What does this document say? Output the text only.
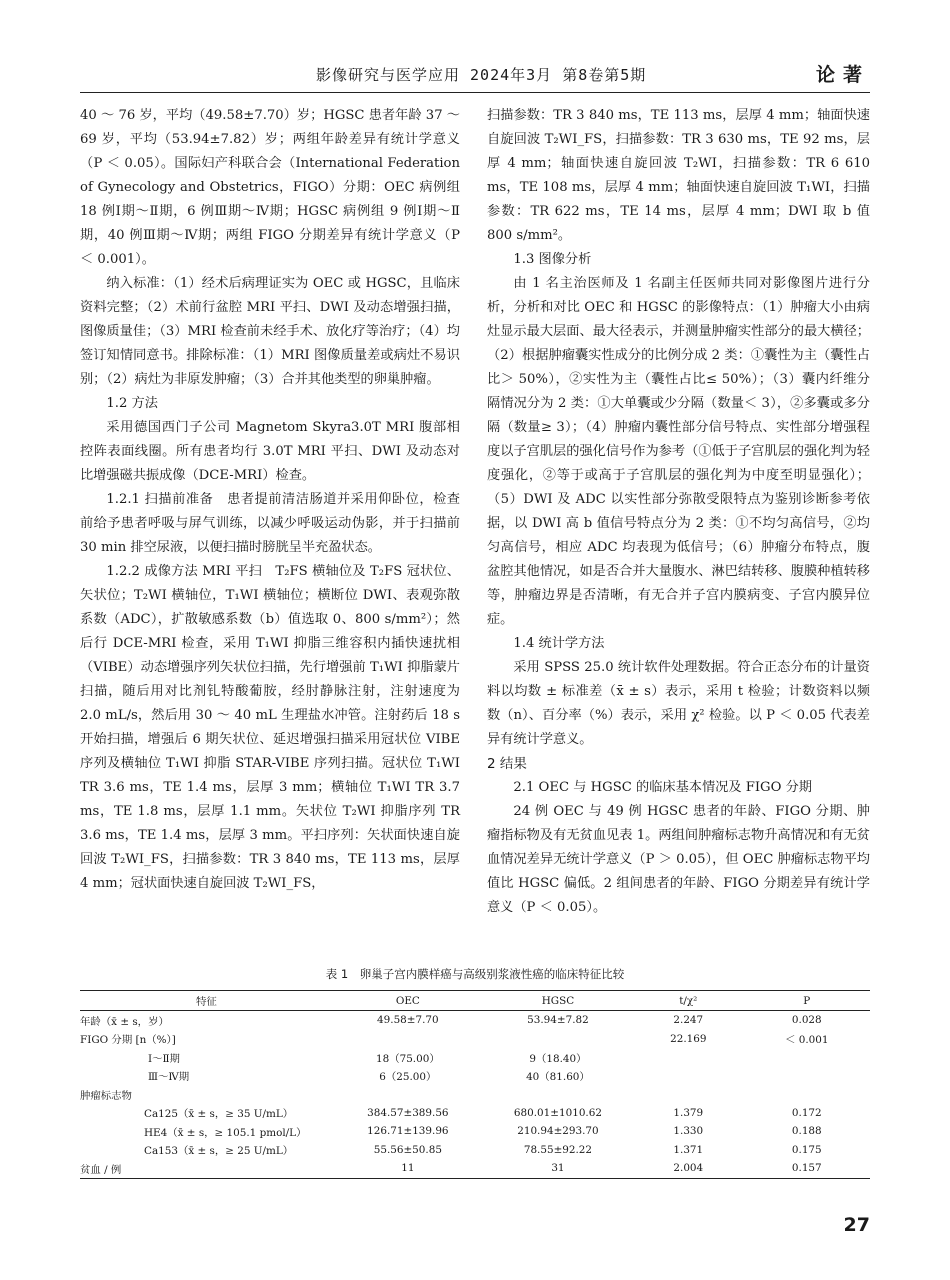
影像研究与医学应用 2024年3月 第8卷第5期	论著

40 ～ 76 岁，平均（49.58±7.70）岁；HGSC 患者年龄 37 ～ 69 岁，平均（53.94±7.82）岁；两组年龄差异有统计学意义（P ＜ 0.05）。国际妇产科联合会（International Federation of Gynecology and Obstetrics，FIGO）分期：OEC 病例组 18 例Ⅰ期～Ⅱ期，6 例Ⅲ期～Ⅳ期；HGSC 病例组 9 例Ⅰ期～Ⅱ期，40 例Ⅲ期～Ⅳ期；两组 FIGO 分期差异有统计学意义（P ＜ 0.001）。

纳入标准：（1）经术后病理证实为 OEC 或 HGSC，且临床资料完整；（2）术前行盆腔 MRI 平扫、DWI 及动态增强扫描，图像质量佳；（3）MRI 检查前未经手术、放化疗等治疗；（4）均签订知情同意书。排除标准：（1）MRI 图像质量差或病灶不易识别；（2）病灶为非原发肿瘤；（3）合并其他类型的卵巢肿瘤。

1.2 方法

采用德国西门子公司 Magnetom Skyra3.0T MRI 腹部相控阵表面线圈。所有患者均行 3.0T MRI 平扫、DWI 及动态对比增强磁共振成像（DCE-MRI）检查。

1.2.1 扫描前准备　患者提前清洁肠道并采用仰卧位，检查前给予患者呼吸与屏气训练，以减少呼吸运动伪影，并于扫描前 30 min 排空尿液，以便扫描时膀胱呈半充盈状态。

1.2.2 成像方法 MRI 平扫　T₂FS 横轴位及 T₂FS 冠状位、矢状位；T₂WI 横轴位，T₁WI 横轴位；横断位 DWI、表观弥散系数（ADC），扩散敏感系数（b）值选取 0、800 s/mm²）；然后行 DCE-MRI 检查，采用 T₁WI 抑脂三维容积内插快速扰相（VIBE）动态增强序列矢状位扫描，先行增强前 T₁WI 抑脂蒙片扫描，随后用对比剂钆特酸葡胺，经肘静脉注射，注射速度为 2.0 mL/s，然后用 30 ～ 40 mL 生理盐水冲管。注射药后 18 s 开始扫描，增强后 6 期矢状位、延迟增强扫描采用冠状位 VIBE 序列及横轴位 T₁WI 抑脂 STAR-VIBE 序列扫描。冠状位 T₁WI TR 3.6 ms，TE 1.4 ms，层厚 3 mm；横轴位 T₁WI TR 3.7 ms，TE 1.8 ms，层厚 1.1 mm。矢状位 T₂WI 抑脂序列 TR 3.6 ms，TE 1.4 ms，层厚 3 mm。平扫序列：矢状面快速自旋回波 T₂WI_FS，扫描参数：TR 3 840 ms，TE 113 ms，层厚 4 mm；冠状面快速自旋回波 T₂WI_FS，

扫描参数：TR 3 840 ms，TE 113 ms，层厚 4 mm；轴面快速自旋回波 T₂WI_FS，扫描参数：TR 3 630 ms，TE 92 ms，层厚 4 mm；轴面快速自旋回波 T₂WI，扫描参数：TR 6 610 ms，TE 108 ms，层厚 4 mm；轴面快速自旋回波 T₁WI，扫描参数：TR 622 ms，TE 14 ms，层厚 4 mm；DWI 取 b 值 800 s/mm²。

1.3 图像分析

由 1 名主治医师及 1 名副主任医师共同对影像图片进行分析，分析和对比 OEC 和 HGSC 的影像特点：（1）肿瘤大小由病灶显示最大层面、最大径表示，并测量肿瘤实性部分的最大横径；（2）根据肿瘤囊实性成分的比例分成 2 类：①囊性为主（囊性占比＞ 50%），②实性为主（囊性占比≤ 50%）；（3）囊内纤维分隔情况分为 2 类：①大单囊或少分隔（数量＜ 3），②多囊或多分隔（数量≥ 3）；（4）肿瘤内囊性部分信号特点、实性部分增强程度以子宫肌层的强化信号作为参考（①低于子宫肌层的强化判为轻度强化，②等于或高于子宫肌层的强化判为中度至明显强化）；（5）DWI 及 ADC 以实性部分弥散受限特点为鉴别诊断参考依据，以 DWI 高 b 值信号特点分为 2 类：①不均匀高信号，②均匀高信号，相应 ADC 均表现为低信号；（6）肿瘤分布特点，腹盆腔其他情况，如是否合并大量腹水、淋巴结转移、腹膜种植转移等，肿瘤边界是否清晰，有无合并子宫内膜病变、子宫内膜异位症。

1.4 统计学方法

采用 SPSS 25.0 统计软件处理数据。符合正态分布的计量资料以均数 ± 标准差（x̄ ± s）表示，采用 t 检验；计数资料以频数（n）、百分率（%）表示，采用 χ² 检验。以 P ＜ 0.05 代表差异有统计学意义。

2 结果

2.1 OEC 与 HGSC 的临床基本情况及 FIGO 分期

24 例 OEC 与 49 例 HGSC 患者的年龄、FIGO 分期、肿瘤指标物及有无贫血见表 1。两组间肿瘤标志物升高情况和有无贫血情况差异无统计学意义（P ＞ 0.05），但 OEC 肿瘤标志物平均值比 HGSC 偏低。2 组间患者的年龄、FIGO 分期差异有统计学意义（P ＜ 0.05）。

表 1　卵巢子宫内膜样癌与高级别浆液性癌的临床特征比较
特征	OEC	HGSC	t/χ²	P
年龄（x̄ ± s，岁）	49.58±7.70	53.94±7.82	2.247	0.028
FIGO 分期 [n（%）]			22.169	＜ 0.001
Ⅰ～Ⅱ期	18（75.00）	9（18.40）		
Ⅲ～Ⅳ期	6（25.00）	40（81.60）		
肿瘤标志物				
Ca125（x̄ ± s，≥ 35 U/mL）	384.57±389.56	680.01±1010.62	1.379	0.172
HE4（x̄ ± s，≥ 105.1 pmol/L）	126.71±139.96	210.94±293.70	1.330	0.188
Ca153（x̄ ± s，≥ 25 U/mL）	55.56±50.85	78.55±92.22	1.371	0.175
贫血 / 例	11	31	2.004	0.157
27
